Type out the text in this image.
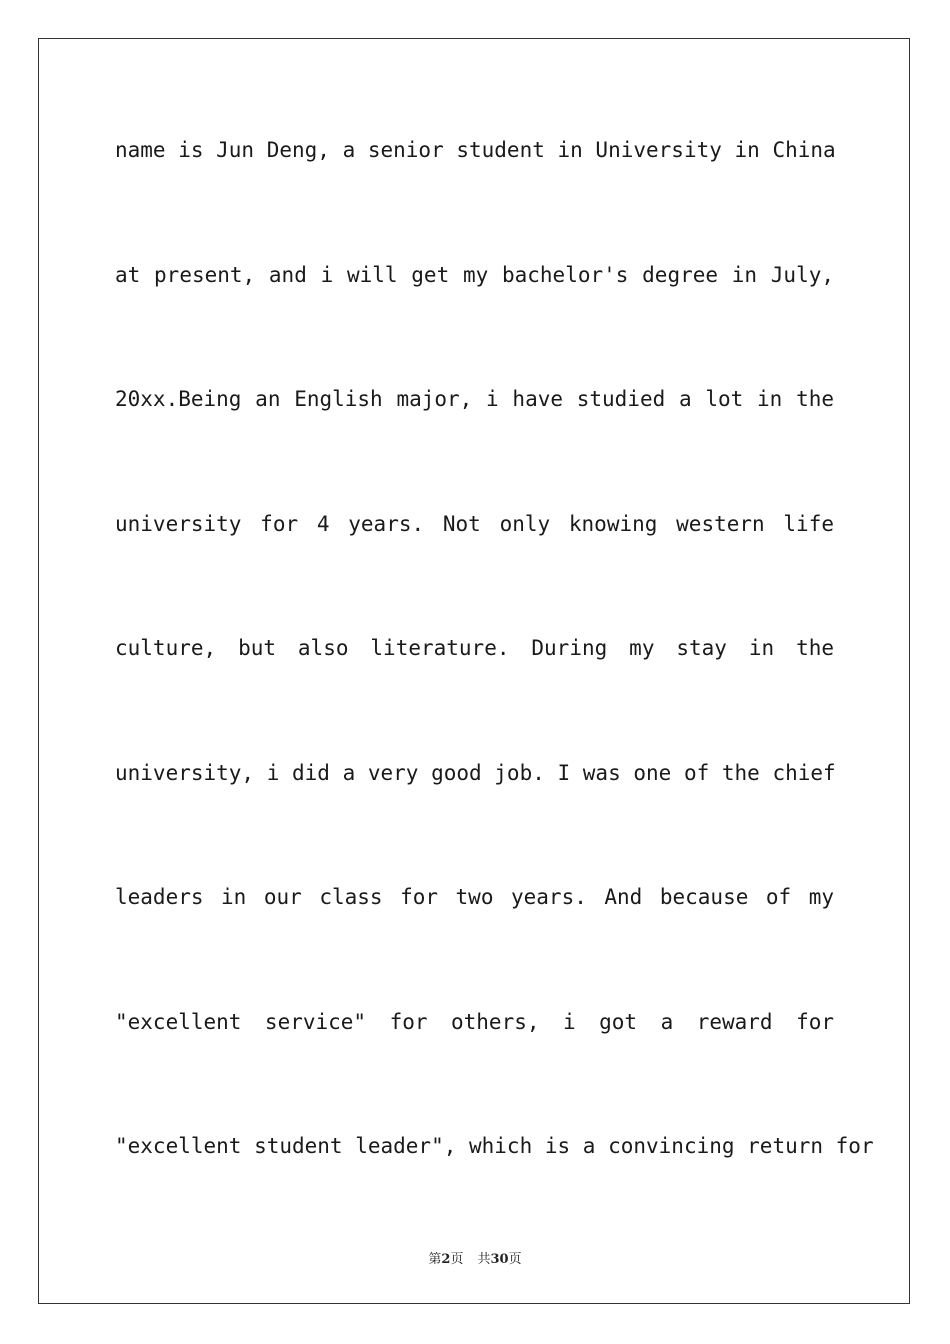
name is Jun Deng, a senior student in University in China
at present, and i will get my bachelor's degree in July,
20xx.Being an English major, i have studied a lot in the
university for 4 years. Not only knowing western life
culture, but also literature. During my stay in the
university, i did a very good job. I was one of the chief
leaders in our class for two years. And because of my
"excellent service" for others, i got a reward for
"excellent student leader", which is a convincing return for
第2页 共30页
